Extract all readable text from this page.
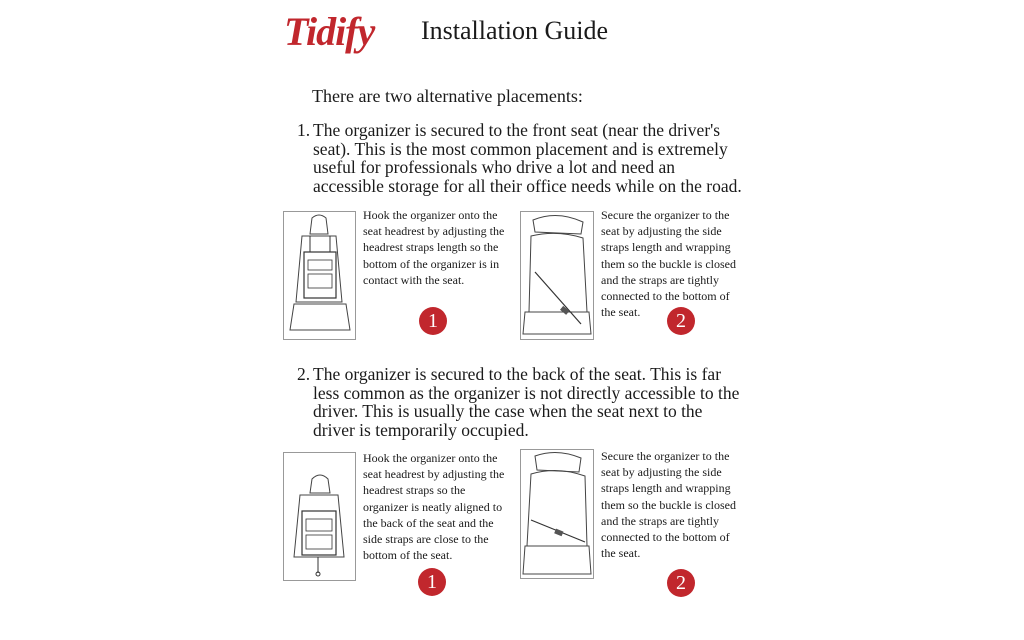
Tidify Installation Guide
There are two alternative placements:
1. The organizer is secured to the front seat (near the driver's seat). This is the most common placement and is extremely useful for professionals who drive a lot and need an accessible storage for all their office needs while on the road.
Hook the organizer onto the seat headrest by adjusting the headrest straps length so the bottom of the organizer is in contact with the seat.
1
Secure the organizer to the seat by adjusting the side straps length and wrapping them so the buckle is closed and the straps are tightly connected to the bottom of the seat.	2
2. The organizer is secured to the back of the seat. This is far less common as the organizer is not directly accessible to the driver. This is usually the case when the seat next to the driver is temporarily occupied.
Hook the organizer onto the seat headrest by adjusting the headrest straps so the organizer is neatly aligned to the back of the seat and the side straps are close to the bottom of the seat.
1
Secure the organizer to the seat by adjusting the side straps length and wrapping them so the buckle is closed and the straps are tightly connected to the bottom of the seat.
2
